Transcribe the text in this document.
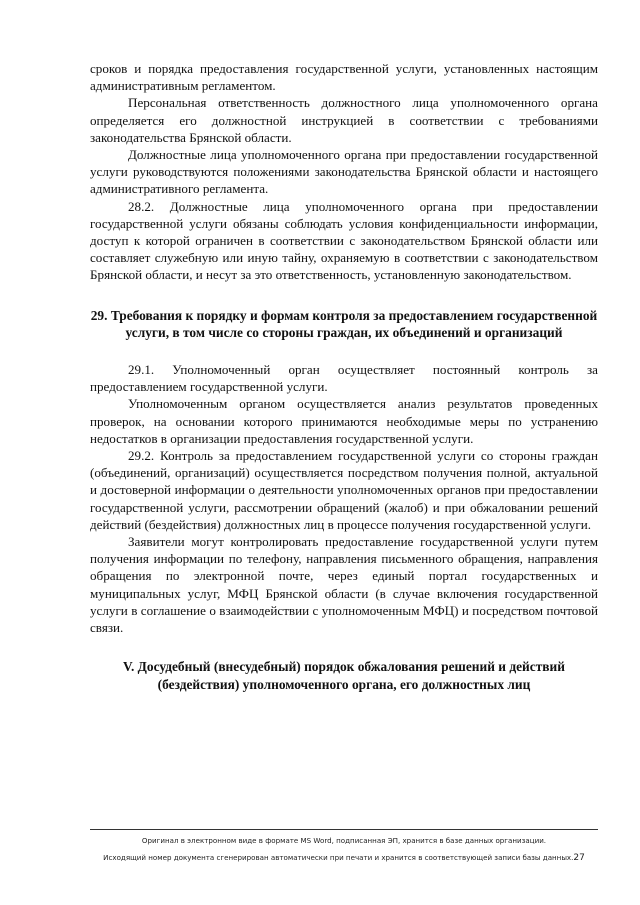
сроков и порядка предоставления государственной услуги, установленных настоящим административным регламентом.

Персональная ответственность должностного лица уполномоченного органа определяется его должностной инструкцией в соответствии с требованиями законодательства Брянской области.

Должностные лица уполномоченного органа при предоставлении государственной услуги руководствуются положениями законодательства Брянской области и настоящего административного регламента.

28.2. Должностные лица уполномоченного органа при предоставлении государственной услуги обязаны соблюдать условия конфиденциальности информации, доступ к которой ограничен в соответствии с законодательством Брянской области или составляет служебную или иную тайну, охраняемую в соответствии с законодательством Брянской области, и несут за это ответственность, установленную законодательством.

29. Требования к порядку и формам контроля за предоставлением государственной услуги, в том числе со стороны граждан, их объединений и организаций

29.1. Уполномоченный орган осуществляет постоянный контроль за предоставлением государственной услуги.

Уполномоченным органом осуществляется анализ результатов проведенных проверок, на основании которого принимаются необходимые меры по устранению недостатков в организации предоставления государственной услуги.

29.2. Контроль за предоставлением государственной услуги со стороны граждан (объединений, организаций) осуществляется посредством получения полной, актуальной и достоверной информации о деятельности уполномоченных органов при предоставлении государственной услуги, рассмотрении обращений (жалоб) и при обжаловании решений действий (бездействия) должностных лиц в процессе получения государственной услуги.

Заявители могут контролировать предоставление государственной услуги путем получения информации по телефону, направления письменного обращения, направления обращения по электронной почте, через единый портал государственных и муниципальных услуг, МФЦ Брянской области (в случае включения государственной услуги в соглашение о взаимодействии с уполномоченным МФЦ) и посредством почтовой связи.

V. Досудебный (внесудебный) порядок обжалования решений и действий (бездействия) уполномоченного органа, его должностных лиц
Оригинал в электронном виде в формате MS Word, подписанная ЭП, хранится в базе данных организации.
Исходящий номер документа сгенерирован автоматически при печати и хранится в соответствующей записи базы данных.27
